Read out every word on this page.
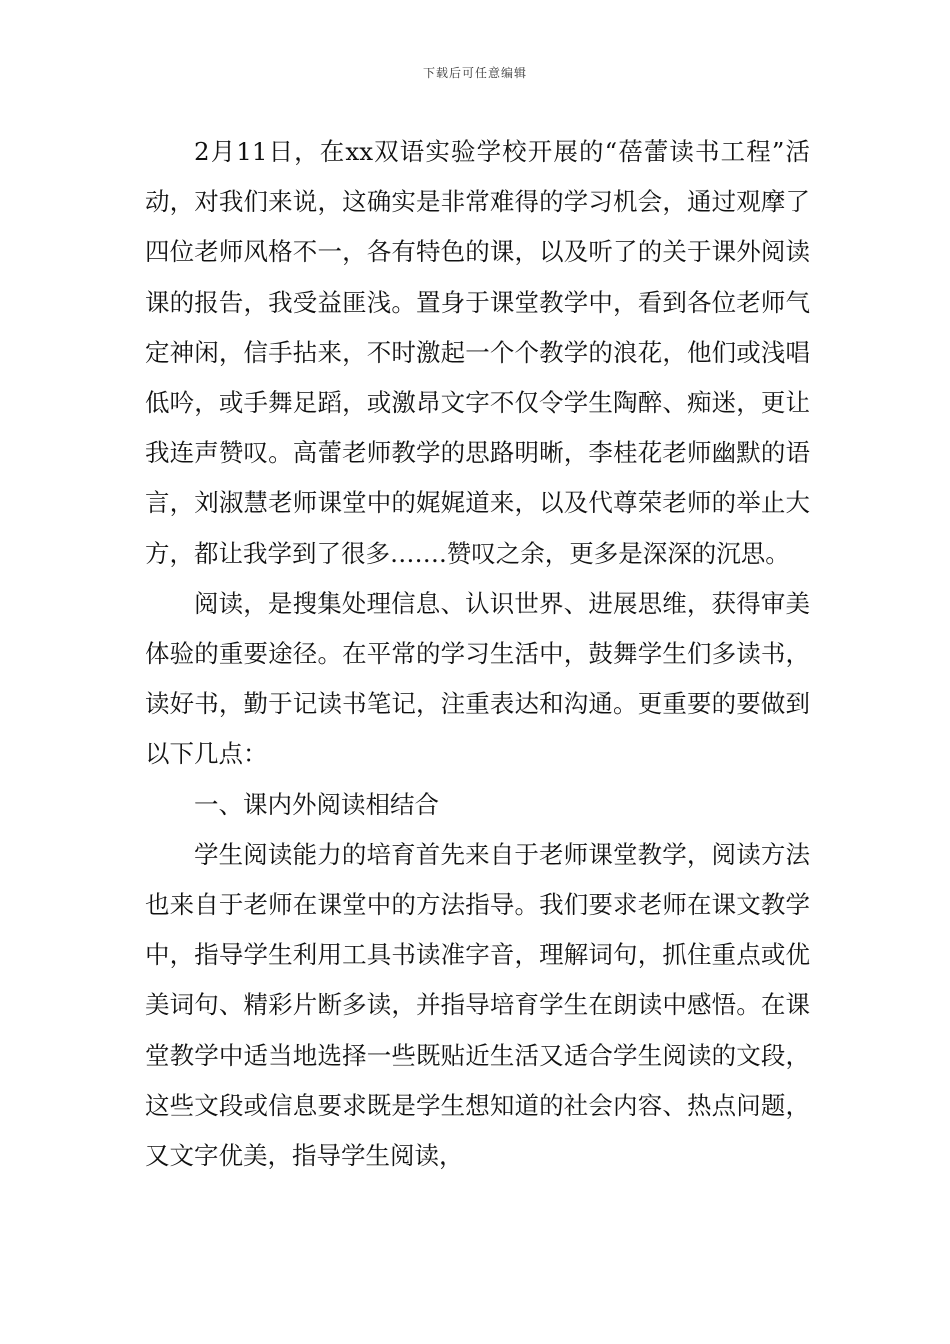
下载后可任意编辑

2月11日，在xx双语实验学校开展的“蓓蕾读书工程”活动，对我们来说，这确实是非常难得的学习机会，通过观摩了四位老师风格不一，各有特色的课，以及听了的关于课外阅读课的报告，我受益匪浅。置身于课堂教学中，看到各位老师气定神闲，信手拈来，不时激起一个个教学的浪花，他们或浅唱低吟，或手舞足蹈，或激昂文字不仅令学生陶醉、痴迷，更让我连声赞叹。高蕾老师教学的思路明晰，李桂花老师幽默的语言，刘淑慧老师课堂中的娓娓道来，以及代尊荣老师的举止大方，都让我学到了很多…….赞叹之余，更多是深深的沉思。

阅读，是搜集处理信息、认识世界、进展思维，获得审美体验的重要途径。在平常的学习生活中，鼓舞学生们多读书，读好书，勤于记读书笔记，注重表达和沟通。更重要的要做到以下几点：

一、课内外阅读相结合

学生阅读能力的培育首先来自于老师课堂教学，阅读方法也来自于老师在课堂中的方法指导。我们要求老师在课文教学中，指导学生利用工具书读准字音，理解词句，抓住重点或优美词句、精彩片断多读，并指导培育学生在朗读中感悟。在课堂教学中适当地选择一些既贴近生活又适合学生阅读的文段，这些文段或信息要求既是学生想知道的社会内容、热点问题，又文字优美，指导学生阅读，
